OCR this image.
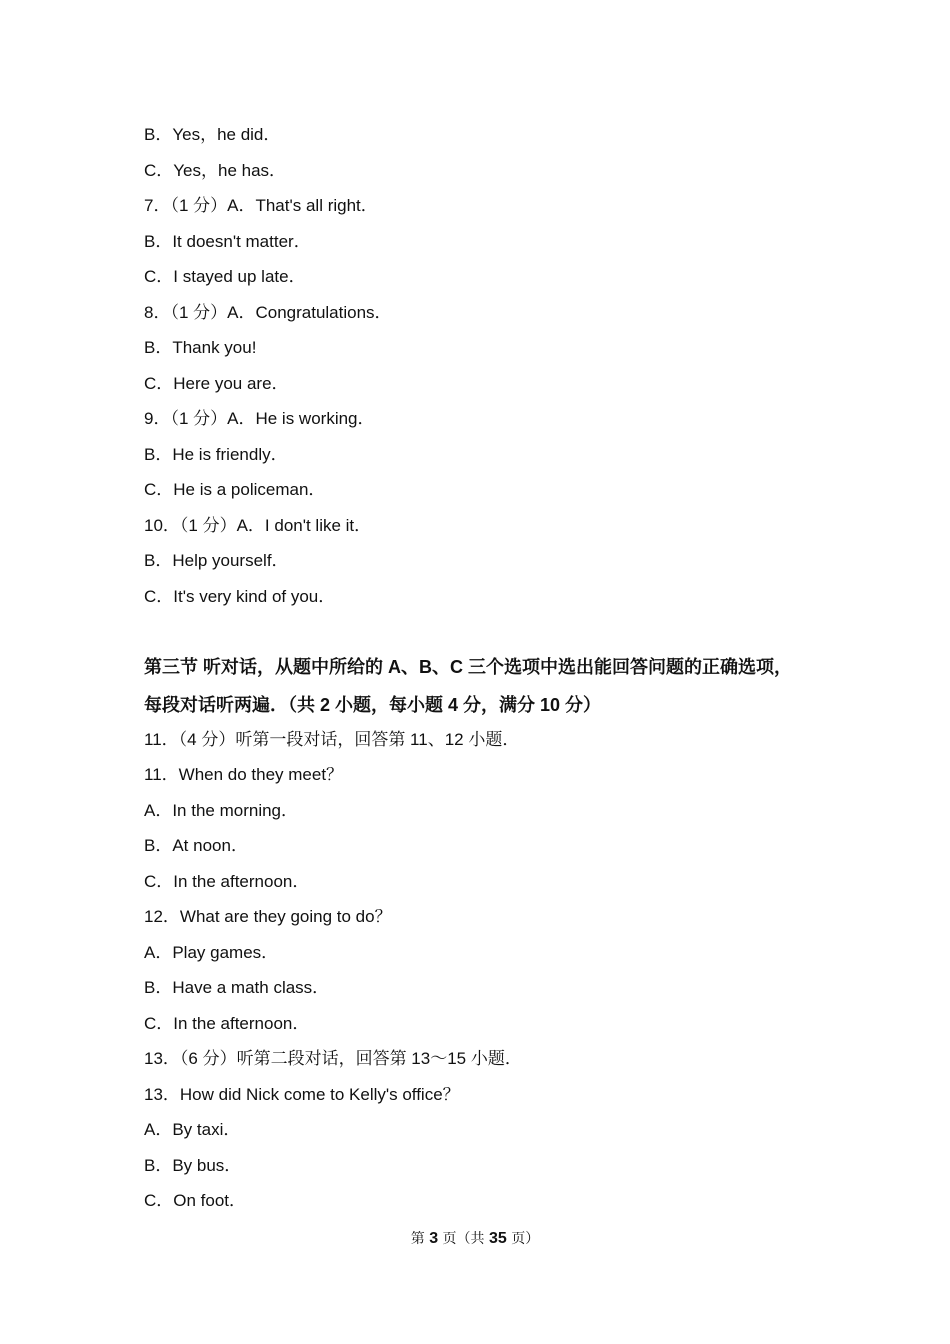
B．Yes，he did．
C．Yes，he has．
7．（1 分）A．That's all right．
B．It doesn't matter．
C．I stayed up late．
8．（1 分）A．Congratulations．
B．Thank you!
C．Here you are．
9．（1 分）A．He is working．
B．He is friendly．
C．He is a policeman．
10．（1 分）A．I don't like it．
B．Help yourself．
C．It's very kind of you．
第三节 听对话，从题中所给的 A、B、C 三个选项中选出能回答问题的正确选项，
每段对话听两遍．（共 2 小题，每小题 4 分，满分 10 分）
11．（4 分）听第一段对话，回答第 11、12 小题．
11．When do they meet？
A．In the morning．
B．At noon．
C．In the afternoon．
12．What are they going to do？
A．Play games．
B．Have a math class．
C．In the afternoon．
13．（6 分）听第二段对话，回答第 13～15 小题．
13．How did Nick come to Kelly's office？
A．By taxi．
B．By bus．
C．On foot．
第 3 页（共 35 页）
